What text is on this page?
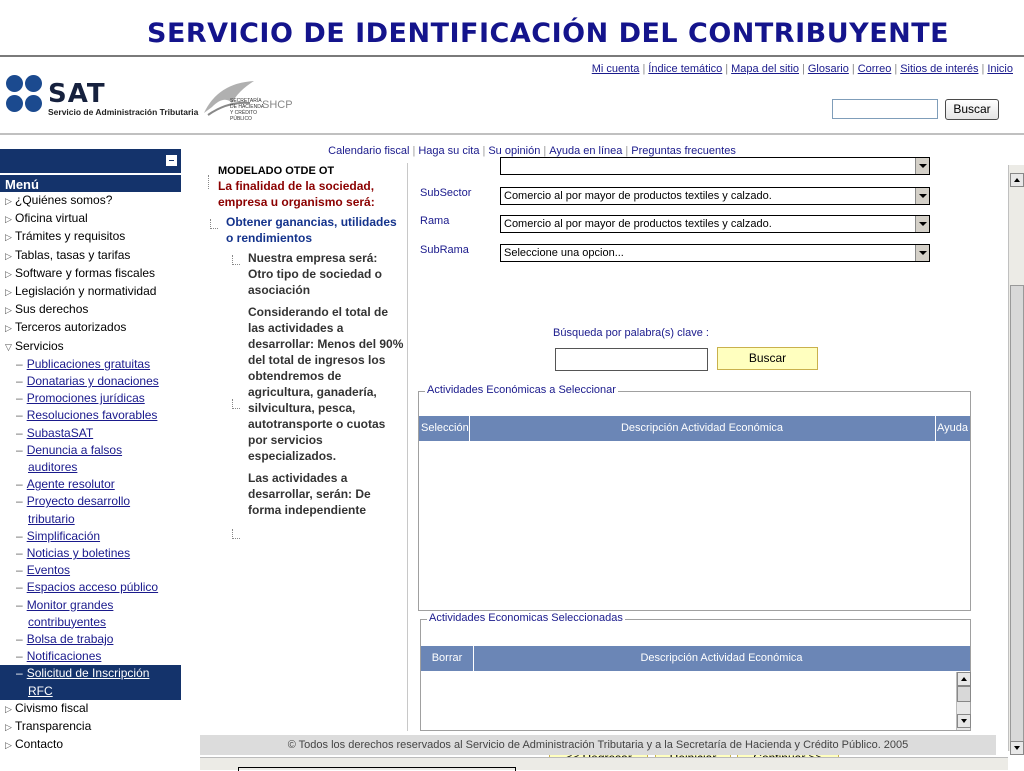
SERVICIO DE IDENTIFICACIÓN DEL CONTRIBUYENTE
SAT
Servicio de Administración Tributaria
SECRETARÍA DE HACIENDA Y CRÉDITO PÚBLICO
SHCP
Mi cuenta | Índice temático | Mapa del sitio | Glosario | Correo | Sitios de interés | Inicio
Buscar
Calendario fiscal | Haga su cita | Su opinión | Ayuda en línea | Preguntas frecuentes
Menú
▷ ¿Quiénes somos?
▷ Oficina virtual
▷ Trámites y requisitos
▷ Tablas, tasas y tarifas
▷ Software y formas fiscales
▷ Legislación y normatividad
▷ Sus derechos
▷ Terceros autorizados
▽ Servicios
– Publicaciones gratuitas
– Donatarias y donaciones
– Promociones jurídicas
– Resoluciones favorables
– SubastaSAT
– Denuncia a falsos
auditores
– Agente resolutor
– Proyecto desarrollo
tributario
– Simplificación
– Noticias y boletines
– Eventos
– Espacios acceso público
– Monitor grandes
contribuyentes
– Bolsa de trabajo
– Notificaciones
– Solicitud de Inscripción
RFC
▷ Civismo fiscal
▷ Transparencia
▷ Contacto
MODELADO OTDE OT
La finalidad de la sociedad, empresa u organismo será:
Obtener ganancias, utilidades o rendimientos

Nuestra empresa será: Otro tipo de sociedad o asociación

Considerando el total de las actividades a desarrollar: Menos del 90% del total de ingresos los obtendremos de agricultura, ganadería, silvicultura, pesca, autotransporte o cuotas por servicios especializados.

Las actividades a desarrollar, serán: De forma independiente

SubSector	Comercio al por mayor de productos textiles y calzado.
Rama	Comercio al por mayor de productos textiles y calzado.
SubRama	Seleccione una opcion...
Búsqueda por palabra(s) clave :
Buscar
Actividades Económicas a Seleccionar
Selección	Descripción Actividad Económica	Ayuda
Actividades Economicas Seleccionadas
Borrar	Descripción Actividad Económica
© Todos los derechos reservados al Servicio de Administración Tributaria y a la Secretaría de Hacienda y Crédito Público. 2005
